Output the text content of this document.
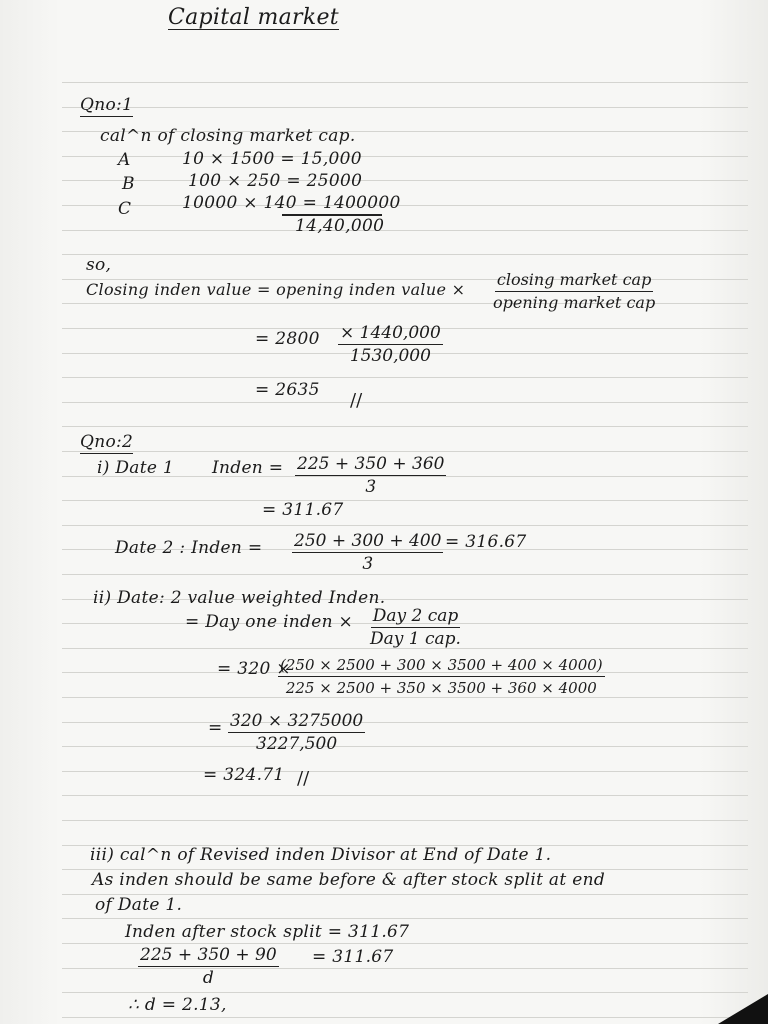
Capital market
Qno:1
cal^n of closing market cap.
A	10 × 1500 = 15,000
B	100 × 250 = 25000
C	10000 × 140 = 1400000
14,40,000
so,
Closing inden value = opening inden value ×
closing market cap
opening market cap
= $2800 \frac{\times 1440,000}{1530,000}$
= 2635 //
Qno:2
i) Date 1 Inden = $\frac{225 + 350 + 360}{3}$
= 311.67
Date 2 : Inden = $\frac{250 + 300 + 400}{3} = 316.67$
ii) Date: 2 value weighted Inden.
= Day one inden × Day 2 cap
Day 1 cap.
= 320 ×
$\frac{(250 \times 2500 + 300 \times 3500 + 400 \times 4000)}{225 \times 2500 + 350 \times 3500 + 360 \times 4000}$
= $\frac{320 \times 3275000}{3227,500}$
= 324.71 //
iii) cal^n of Revised inden Divisor at End of Date 1.
As inden should be same before & after stock split at end
of Date 1.
Inden after stock split = 311.67
$\frac{225 + 350 + 90}{d} = 311.67$
∴ d = 2.13,
